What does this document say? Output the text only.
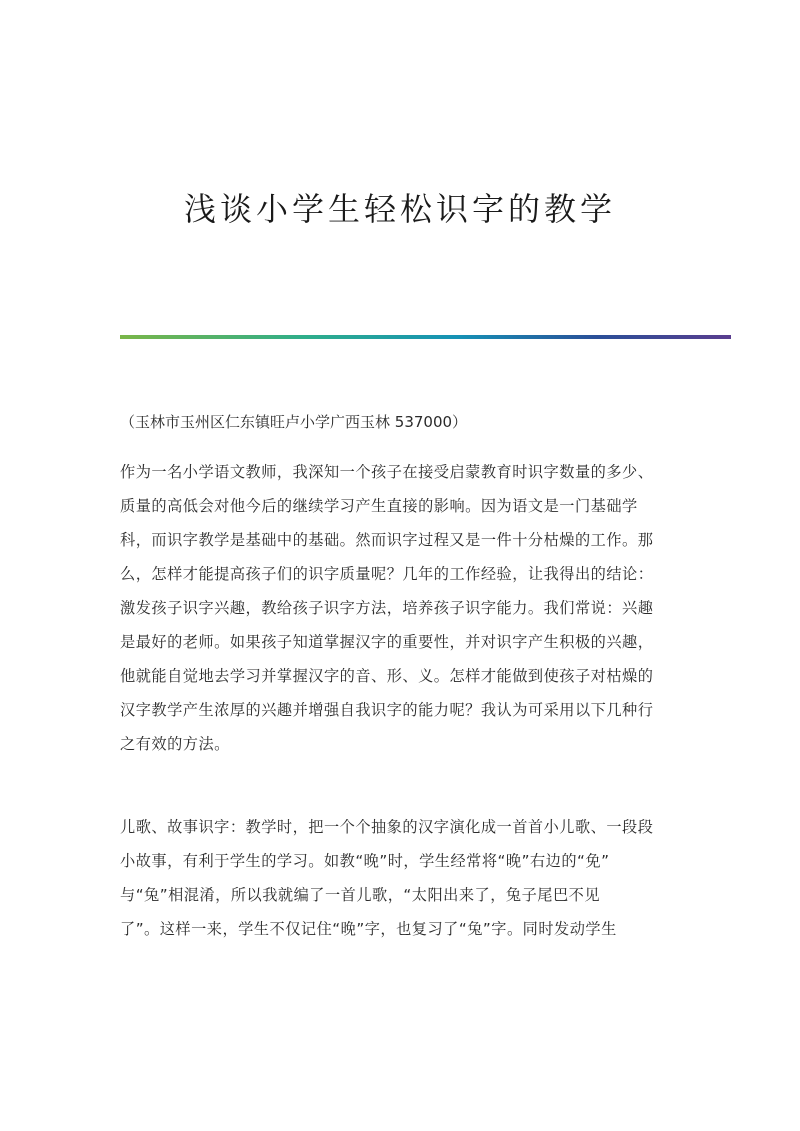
浅谈小学生轻松识字的教学
（玉林市玉州区仁东镇旺卢小学广西玉林 537000）
作为一名小学语文教师，我深知一个孩子在接受启蒙教育时识字数量的多少、
质量的高低会对他今后的继续学习产生直接的影响。因为语文是一门基础学
科，而识字教学是基础中的基础。然而识字过程又是一件十分枯燥的工作。那
么，怎样才能提高孩子们的识字质量呢？几年的工作经验，让我得出的结论：
激发孩子识字兴趣，教给孩子识字方法，培养孩子识字能力。我们常说：兴趣
是最好的老师。如果孩子知道掌握汉字的重要性，并对识字产生积极的兴趣，
他就能自觉地去学习并掌握汉字的音、形、义。怎样才能做到使孩子对枯燥的
汉字教学产生浓厚的兴趣并增强自我识字的能力呢？我认为可采用以下几种行
之有效的方法。
儿歌、故事识字：教学时，把一个个抽象的汉字演化成一首首小儿歌、一段段
小故事，有利于学生的学习。如教“晚”时，学生经常将“晚”右边的“免”
与“兔”相混淆，所以我就编了一首儿歌，“太阳出来了，兔子尾巴不见
了”。这样一来，学生不仅记住“晚”字，也复习了“兔”字。同时发动学生
